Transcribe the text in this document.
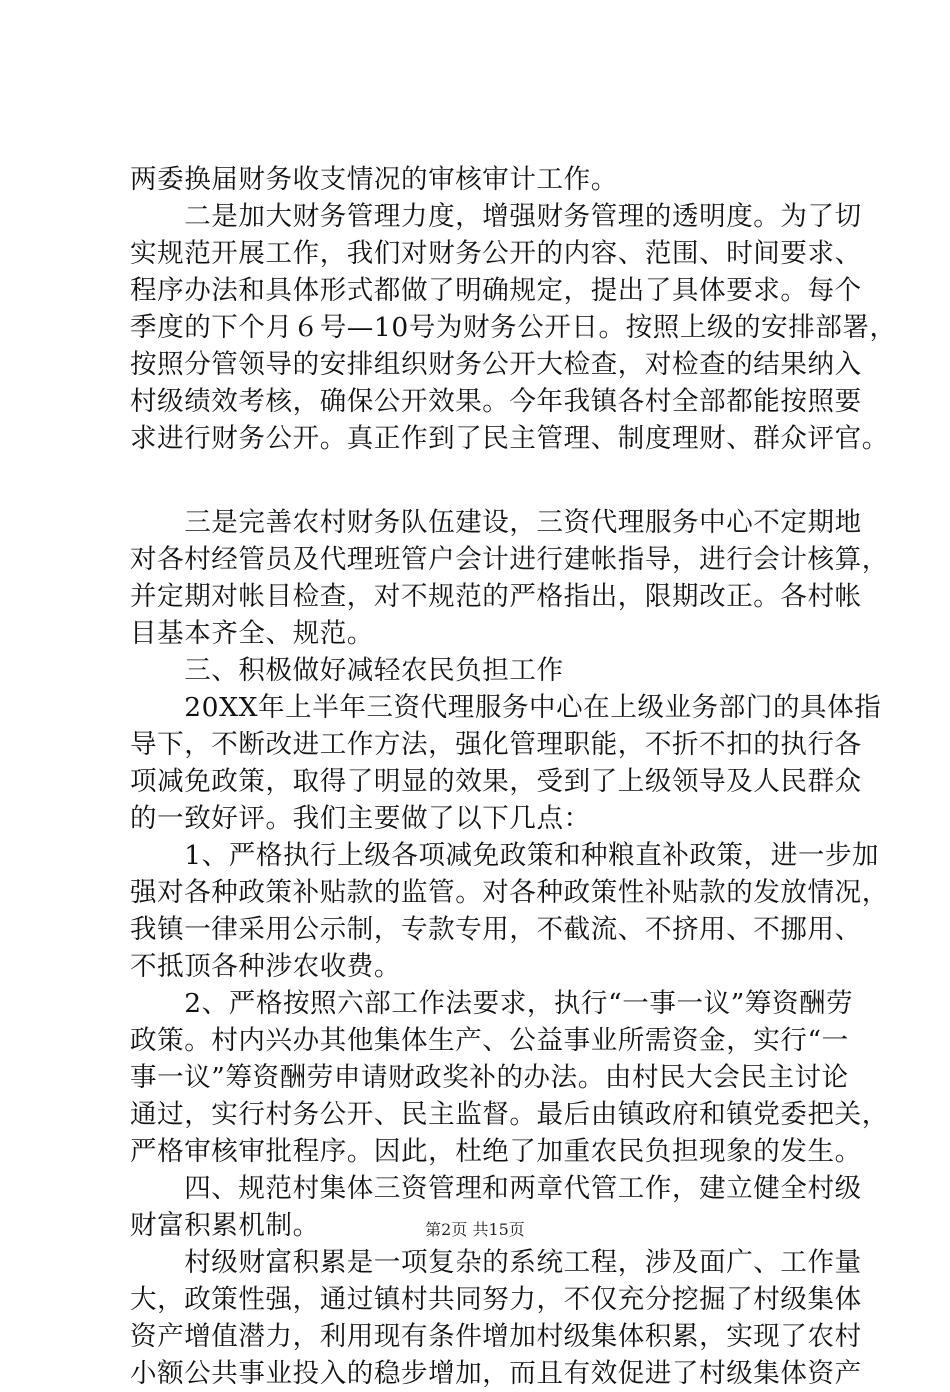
两委换届财务收支情况的审核审计工作。
　　二是加大财务管理力度，增强财务管理的透明度。为了切
实规范开展工作，我们对财务公开的内容、范围、时间要求、
程序办法和具体形式都做了明确规定，提出了具体要求。每个
季度的下个月６号—10号为财务公开日。按照上级的安排部署，
按照分管领导的安排组织财务公开大检查，对检查的结果纳入
村级绩效考核，确保公开效果。今年我镇各村全部都能按照要
求进行财务公开。真正作到了民主管理、制度理财、群众评官。
　　三是完善农村财务队伍建设，三资代理服务中心不定期地
对各村经管员及代理班管户会计进行建帐指导，进行会计核算，
并定期对帐目检查，对不规范的严格指出，限期改正。各村帐
目基本齐全、规范。
　　三、积极做好减轻农民负担工作
　　20XX年上半年三资代理服务中心在上级业务部门的具体指
导下，不断改进工作方法，强化管理职能，不折不扣的执行各
项减免政策，取得了明显的效果，受到了上级领导及人民群众
的一致好评。我们主要做了以下几点：
　　1、严格执行上级各项减免政策和种粮直补政策，进一步加
强对各种政策补贴款的监管。对各种政策性补贴款的发放情况，
我镇一律采用公示制，专款专用，不截流、不挤用、不挪用、
不抵顶各种涉农收费。
　　2、严格按照六部工作法要求，执行“一事一议”筹资酬劳
政策。村内兴办其他集体生产、公益事业所需资金，实行“一
事一议”筹资酬劳申请财政奖补的办法。由村民大会民主讨论
通过，实行村务公开、民主监督。最后由镇政府和镇党委把关，
严格审核审批程序。因此，杜绝了加重农民负担现象的发生。
　　四、规范村集体三资管理和两章代管工作，建立健全村级
财富积累机制。
　　村级财富积累是一项复杂的系统工程，涉及面广、工作量
大，政策性强，通过镇村共同努力，不仅充分挖掘了村级集体
资产增值潜力，利用现有条件增加村级集体积累，实现了农村
小额公共事业投入的稳步增加，而且有效促进了村级集体资产
第2页 共15页
